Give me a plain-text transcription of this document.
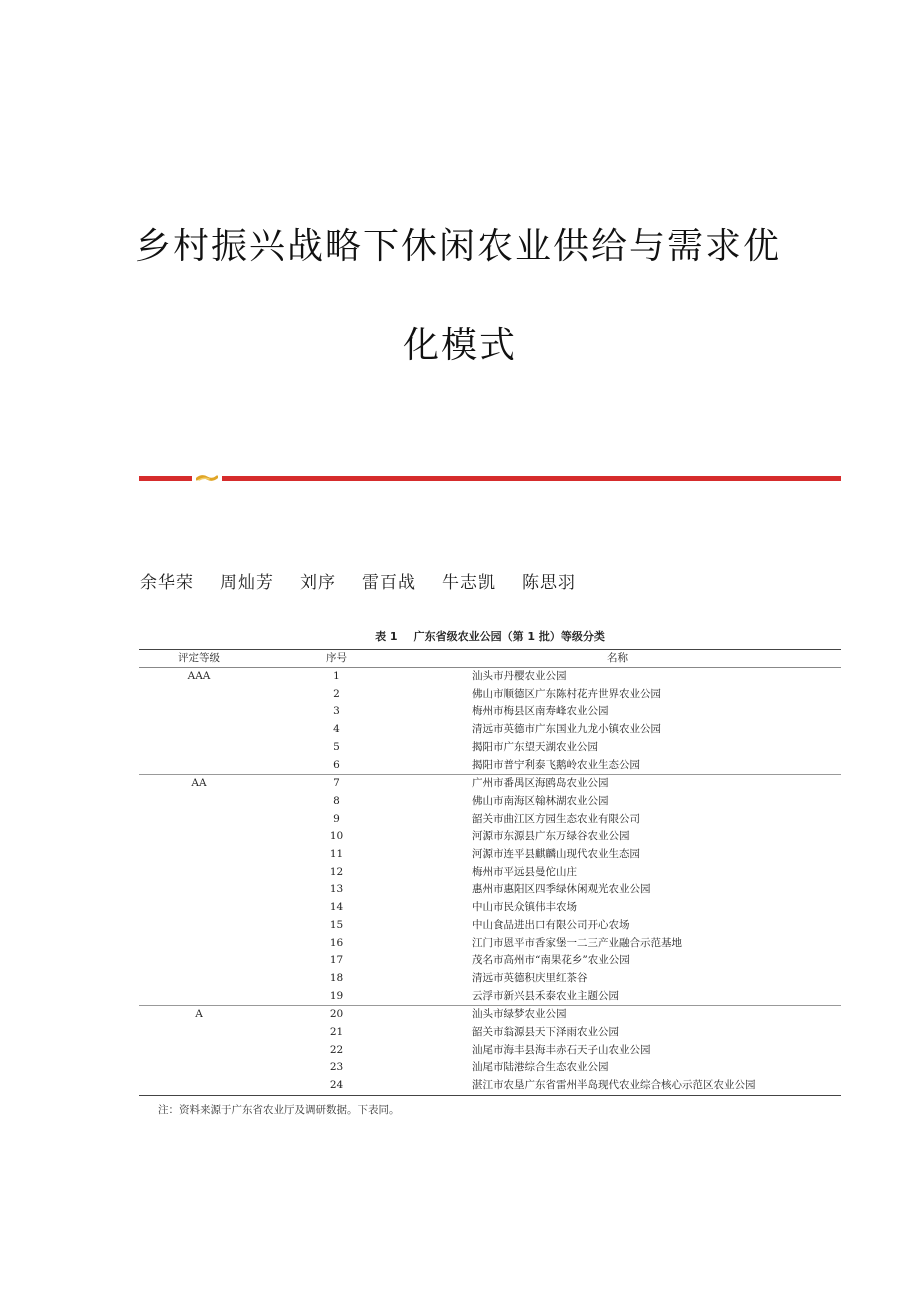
乡村振兴战略下休闲农业供给与需求优
化模式
余华荣 周灿芳 刘序 雷百战 牛志凯 陈思羽
表 1 广东省级农业公园（第 1 批）等级分类
评定等级	序号	名称
AAA	1	汕头市丹樱农业公园
	2	佛山市顺德区广东陈村花卉世界农业公园
	3	梅州市梅县区南寿峰农业公园
	4	清远市英德市广东国业九龙小镇农业公园
	5	揭阳市广东望天湖农业公园
	6	揭阳市普宁利泰飞鹅岭农业生态公园
AA	7	广州市番禺区海鸥岛农业公园
	8	佛山市南海区翰林湖农业公园
	9	韶关市曲江区方园生态农业有限公司
	10	河源市东源县广东万绿谷农业公园
	11	河源市连平县麒麟山现代农业生态园
	12	梅州市平远县曼佗山庄
	13	惠州市惠阳区四季绿休闲观光农业公园
	14	中山市民众镇伟丰农场
	15	中山食品进出口有限公司开心农场
	16	江门市恩平市香家堡一二三产业融合示范基地
	17	茂名市高州市“南果花乡”农业公园
	18	清远市英德积庆里红茶谷
	19	云浮市新兴县禾泰农业主题公园
A	20	汕头市绿梦农业公园
	21	韶关市翁源县天下泽雨农业公园
	22	汕尾市海丰县海丰赤石天子山农业公园
	23	汕尾市陆港综合生态农业公园
	24	湛江市农垦广东省雷州半岛现代农业综合核心示范区农业公园
注：资料来源于广东省农业厅及调研数据。下表同。
